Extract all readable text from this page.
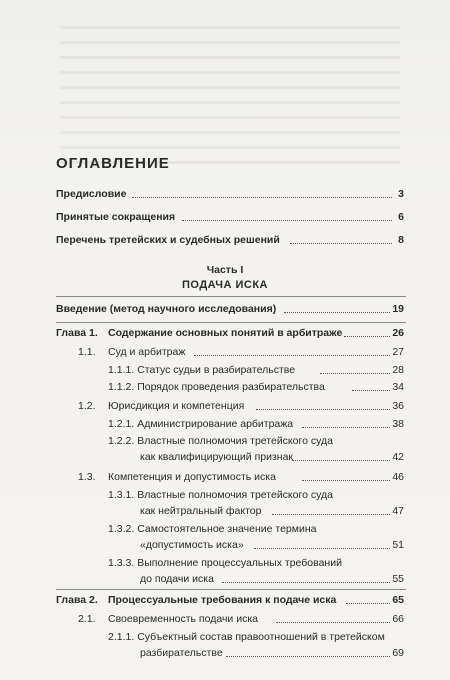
ОГЛАВЛЕНИЕ
Предисловие	3
Принятые сокращения	6
Перечень третейских и судебных решений	8
Часть I
ПОДАЧА ИСКА
Введение (метод научного исследования)	19
Глава 1. Содержание основных понятий в арбитраже	26
1.1. Суд и арбитраж	27
1.1.1. Статус судьи в разбирательстве	28
1.1.2. Порядок проведения разбирательства	34
1.2. Юрисдикция и компетенция	36
1.2.1. Администрирование арбитража	38
1.2.2. Властные полномочия третейского суда
как квалифицирующий признак	42
1.3. Компетенция и допустимость иска	46
1.3.1. Властные полномочия третейского суда
как нейтральный фактор	47
1.3.2. Самостоятельное значение термина
«допустимость иска»	51
1.3.3. Выполнение процессуальных требований
до подачи иска	55
Глава 2. Процессуальные требования к подаче иска	65
2.1. Своевременность подачи иска	66
2.1.1. Субъектный состав правоотношений в третейском
разбирательстве	69
